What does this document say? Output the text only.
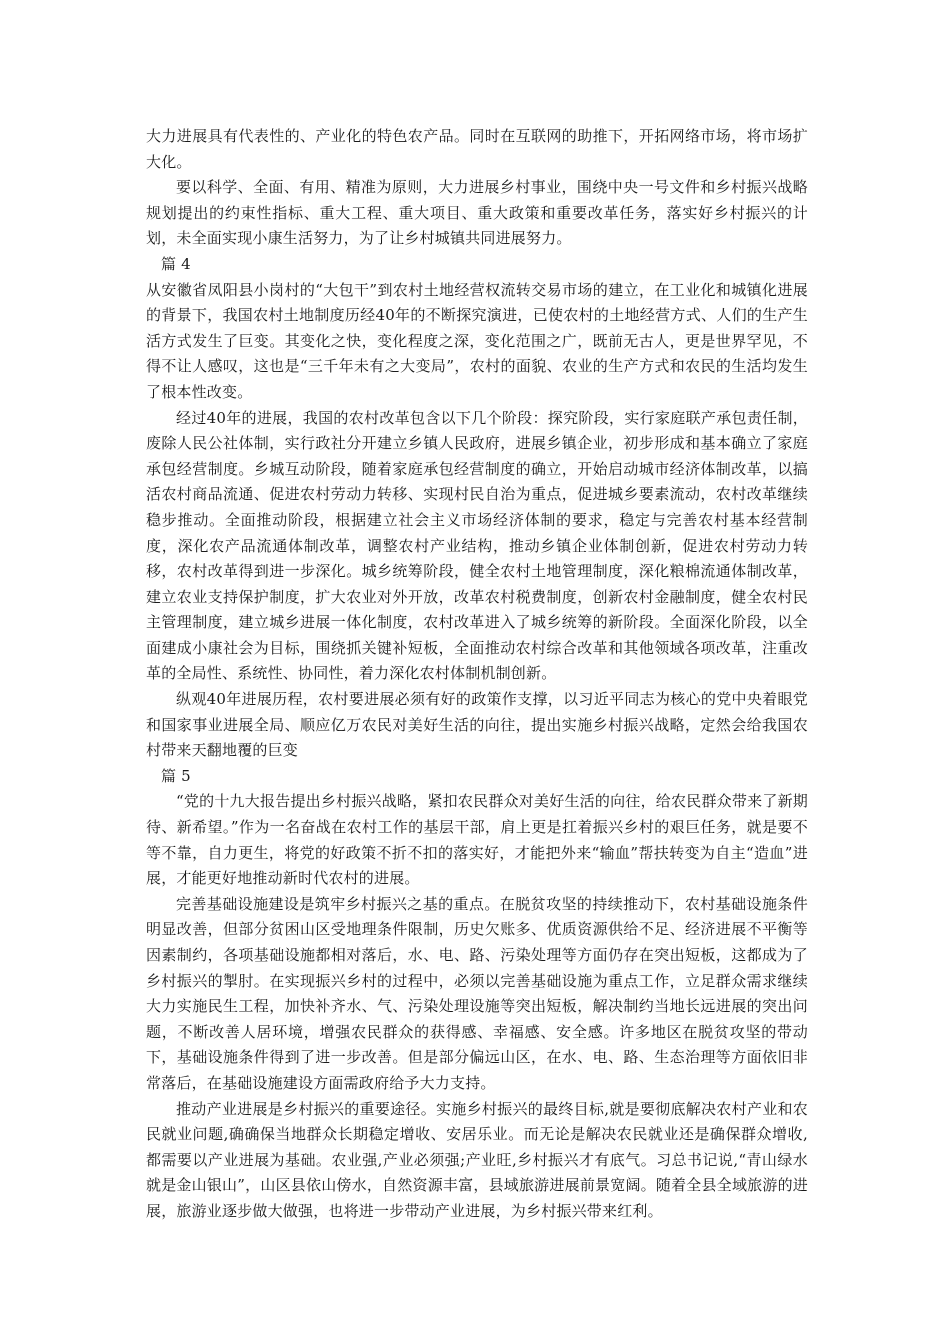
大力进展具有代表性的、产业化的特色农产品。同时在互联网的助推下，开拓网络市场，将市场扩大化。

要以科学、全面、有用、精准为原则，大力进展乡村事业，围绕中央一号文件和乡村振兴战略规划提出的约束性指标、重大工程、重大项目、重大政策和重要改革任务，落实好乡村振兴的计划，未全面实现小康生活努力，为了让乡村城镇共同进展努力。

篇 4

从安徽省凤阳县小岗村的“大包干”到农村土地经营权流转交易市场的建立，在工业化和城镇化进展的背景下，我国农村土地制度历经40年的不断探究演进，已使农村的土地经营方式、人们的生产生活方式发生了巨变。其变化之快，变化程度之深，变化范围之广，既前无古人，更是世界罕见，不得不让人感叹，这也是“三千年未有之大变局”，农村的面貌、农业的生产方式和农民的生活均发生了根本性改变。

经过40年的进展，我国的农村改革包含以下几个阶段：探究阶段，实行家庭联产承包责任制，废除人民公社体制，实行政社分开建立乡镇人民政府，进展乡镇企业，初步形成和基本确立了家庭承包经营制度。乡城互动阶段，随着家庭承包经营制度的确立，开始启动城市经济体制改革，以搞活农村商品流通、促进农村劳动力转移、实现村民自治为重点，促进城乡要素流动，农村改革继续稳步推动。全面推动阶段，根据建立社会主义市场经济体制的要求，稳定与完善农村基本经营制度，深化农产品流通体制改革，调整农村产业结构，推动乡镇企业体制创新，促进农村劳动力转移，农村改革得到进一步深化。城乡统筹阶段，健全农村土地管理制度，深化粮棉流通体制改革，建立农业支持保护制度，扩大农业对外开放，改革农村税费制度，创新农村金融制度，健全农村民主管理制度，建立城乡进展一体化制度，农村改革进入了城乡统筹的新阶段。全面深化阶段，以全面建成小康社会为目标，围绕抓关键补短板，全面推动农村综合改革和其他领域各项改革，注重改革的全局性、系统性、协同性，着力深化农村体制机制创新。

纵观40年进展历程，农村要进展必须有好的政策作支撑，以习近平同志为核心的党中央着眼党和国家事业进展全局、顺应亿万农民对美好生活的向往，提出实施乡村振兴战略，定然会给我国农村带来天翻地覆的巨变

篇 5

“党的十九大报告提出乡村振兴战略，紧扣农民群众对美好生活的向往，给农民群众带来了新期待、新希望。”作为一名奋战在农村工作的基层干部，肩上更是扛着振兴乡村的艰巨任务，就是要不等不靠，自力更生，将党的好政策不折不扣的落实好，才能把外来“输血”帮扶转变为自主“造血”进展，才能更好地推动新时代农村的进展。

完善基础设施建设是筑牢乡村振兴之基的重点。在脱贫攻坚的持续推动下，农村基础设施条件明显改善，但部分贫困山区受地理条件限制，历史欠账多、优质资源供给不足、经济进展不平衡等因素制约，各项基础设施都相对落后，水、电、路、污染处理等方面仍存在突出短板，这都成为了乡村振兴的掣肘。在实现振兴乡村的过程中，必须以完善基础设施为重点工作，立足群众需求继续大力实施民生工程，加快补齐水、气、污染处理设施等突出短板，解决制约当地长远进展的突出问题，不断改善人居环境，增强农民群众的获得感、幸福感、安全感。许多地区在脱贫攻坚的带动下，基础设施条件得到了进一步改善。但是部分偏远山区，在水、电、路、生态治理等方面依旧非常落后，在基础设施建设方面需政府给予大力支持。

推动产业进展是乡村振兴的重要途径。实施乡村振兴的最终目标,就是要彻底解决农村产业和农民就业问题,确确保当地群众长期稳定增收、安居乐业。而无论是解决农民就业还是确保群众增收,都需要以产业进展为基础。农业强,产业必须强;产业旺,乡村振兴才有底气。习总书记说,“青山绿水就是金山银山”，山区县依山傍水，自然资源丰富，县域旅游进展前景宽阔。随着全县全域旅游的进展，旅游业逐步做大做强，也将进一步带动产业进展，为乡村振兴带来红利。
